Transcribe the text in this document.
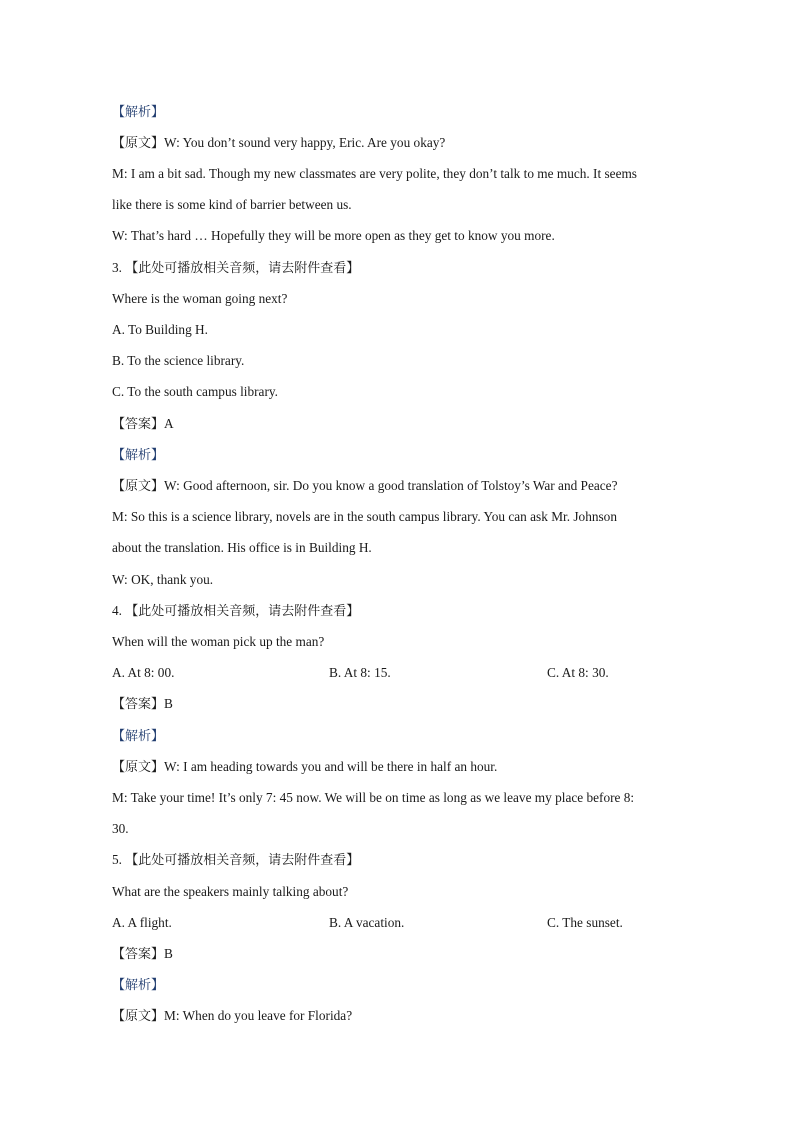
【解析】
【原文】W: You don’t sound very happy, Eric. Are you okay?
M: I am a bit sad. Though my new classmates are very polite, they don’t talk to me much. It seems
like there is some kind of barrier between us.
W: That’s hard … Hopefully they will be more open as they get to know you more.
3. 【此处可播放相关音频，请去附件查看】
Where is the woman going next?
A. To Building H.
B. To the science library.
C. To the south campus library.
【答案】A
【解析】
【原文】W: Good afternoon, sir. Do you know a good translation of Tolstoy’s War and Peace?
M: So this is a science library, novels are in the south campus library. You can ask Mr. Johnson
about the translation. His office is in Building H.
W: OK, thank you.
4. 【此处可播放相关音频，请去附件查看】
When will the woman pick up the man?
A. At 8: 00.	B. At 8: 15.	C. At 8: 30.
【答案】B
【解析】
【原文】W: I am heading towards you and will be there in half an hour.
M: Take your time! It’s only 7: 45 now. We will be on time as long as we leave my place before 8:
30.
5. 【此处可播放相关音频，请去附件查看】
What are the speakers mainly talking about?
A. A flight.	B. A vacation.	C. The sunset.
【答案】B
【解析】
【原文】M: When do you leave for Florida?
